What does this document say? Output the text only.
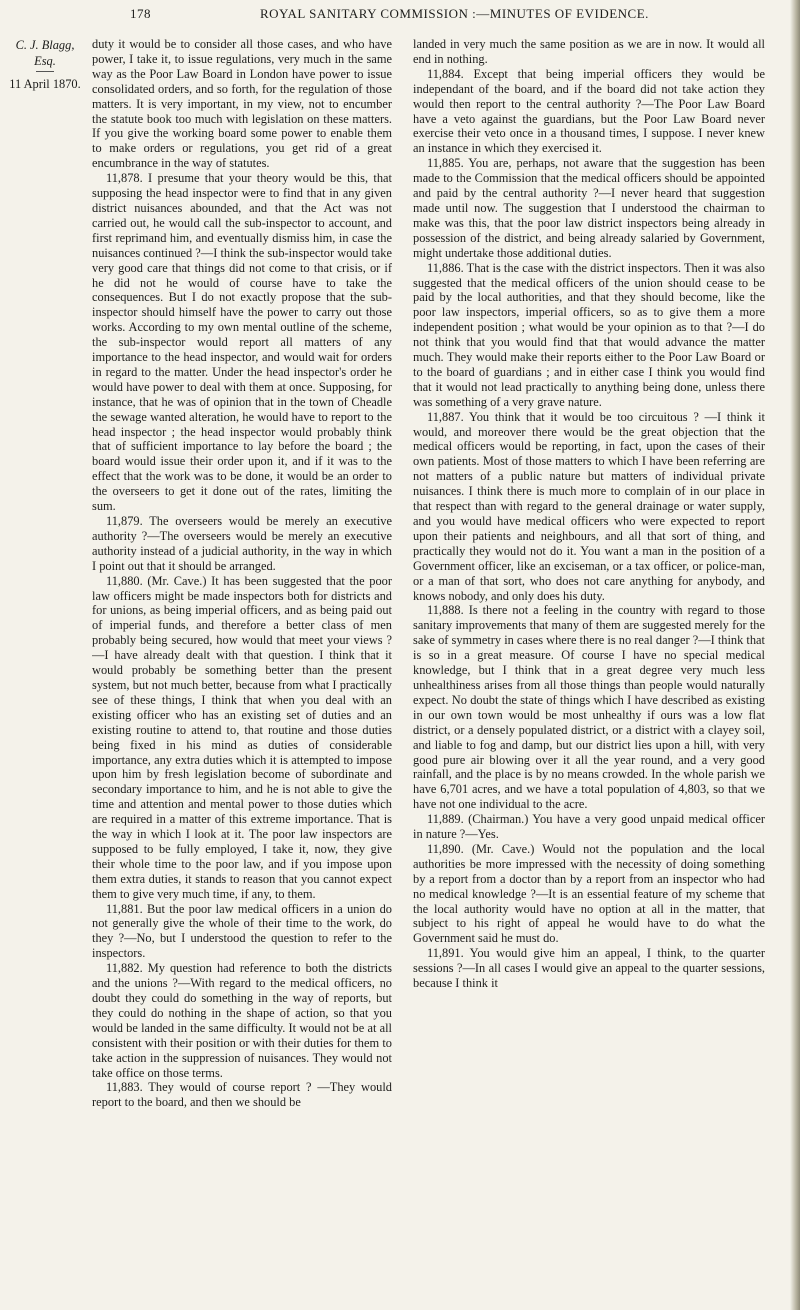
178	ROYAL SANITARY COMMISSION :—MINUTES OF EVIDENCE.
C. J. Blagg,
Esq.
11 April 1870.

duty it would be to consider all those cases, and who have power, I take it, to issue regulations, very much in the same way as the Poor Law Board in London have power to issue consolidated orders, and so forth, for the regulation of those matters. It is very important, in my view, not to encumber the statute book too much with legislation on these matters. If you give the working board some power to enable them to make orders or regulations, you get rid of a great encumbrance in the way of statutes.

11,878. I presume that your theory would be this, that supposing the head inspector were to find that in any given district nuisances abounded, and that the Act was not carried out, he would call the sub-inspector to account, and first reprimand him, and eventually dismiss him, in case the nuisances continued ?—I think the sub-inspector would take very good care that things did not come to that crisis, or if he did not he would of course have to take the consequences. But I do not exactly propose that the sub-inspector should himself have the power to carry out those works. According to my own mental outline of the scheme, the sub-inspector would report all matters of any importance to the head inspector, and would wait for orders in regard to the matter. Under the head inspector's order he would have power to deal with them at once. Supposing, for instance, that he was of opinion that in the town of Cheadle the sewage wanted alteration, he would have to report to the head inspector ; the head inspector would probably think that of sufficient importance to lay before the board ; the board would issue their order upon it, and if it was to the effect that the work was to be done, it would be an order to the overseers to get it done out of the rates, limiting the sum.

11,879. The overseers would be merely an executive authority ?—The overseers would be merely an executive authority instead of a judicial authority, in the way in which I point out that it should be arranged.

11,880. (Mr. Cave.) It has been suggested that the poor law officers might be made inspectors both for districts and for unions, as being imperial officers, and as being paid out of imperial funds, and therefore a better class of men probably being secured, how would that meet your views ?—I have already dealt with that question. I think that it would probably be something better than the present system, but not much better, because from what I practically see of these things, I think that when you deal with an existing officer who has an existing set of duties and an existing routine to attend to, that routine and those duties being fixed in his mind as duties of considerable importance, any extra duties which it is attempted to impose upon him by fresh legislation become of subordinate and secondary importance to him, and he is not able to give the time and attention and mental power to those duties which are required in a matter of this extreme importance. That is the way in which I look at it. The poor law inspectors are supposed to be fully employed, I take it, now, they give their whole time to the poor law, and if you impose upon them extra duties, it stands to reason that you cannot expect them to give very much time, if any, to them.

11,881. But the poor law medical officers in a union do not generally give the whole of their time to the work, do they ?—No, but I understood the question to refer to the inspectors.

11,882. My question had reference to both the districts and the unions ?—With regard to the medical officers, no doubt they could do something in the way of reports, but they could do nothing in the shape of action, so that you would be landed in the same difficulty. It would not be at all consistent with their position or with their duties for them to take action in the suppression of nuisances. They would not take office on those terms.

11,883. They would of course report ? —They would report to the board, and then we should be

landed in very much the same position as we are in now. It would all end in nothing.

11,884. Except that being imperial officers they would be independant of the board, and if the board did not take action they would then report to the central authority ?—The Poor Law Board have a veto against the guardians, but the Poor Law Board never exercise their veto once in a thousand times, I suppose. I never knew an instance in which they exercised it.

11,885. You are, perhaps, not aware that the suggestion has been made to the Commission that the medical officers should be appointed and paid by the central authority ?—I never heard that suggestion made until now. The suggestion that I understood the chairman to make was this, that the poor law district inspectors being already in possession of the district, and being already salaried by Government, might undertake those additional duties.

11,886. That is the case with the district inspectors. Then it was also suggested that the medical officers of the union should cease to be paid by the local authorities, and that they should become, like the poor law inspectors, imperial officers, so as to give them a more independent position ; what would be your opinion as to that ?—I do not think that you would find that that would advance the matter much. They would make their reports either to the Poor Law Board or to the board of guardians ; and in either case I think you would find that it would not lead practically to anything being done, unless there was something of a very grave nature.

11,887. You think that it would be too circuitous ? —I think it would, and moreover there would be the great objection that the medical officers would be reporting, in fact, upon the cases of their own patients. Most of those matters to which I have been referring are not matters of a public nature but matters of individual private nuisances. I think there is much more to complain of in our place in that respect than with regard to the general drainage or water supply, and you would have medical officers who were expected to report upon their patients and neighbours, and all that sort of thing, and practically they would not do it. You want a man in the position of a Government officer, like an exciseman, or a tax officer, or police-man, or a man of that sort, who does not care anything for anybody, and knows nobody, and only does his duty.

11,888. Is there not a feeling in the country with regard to those sanitary improvements that many of them are suggested merely for the sake of symmetry in cases where there is no real danger ?—I think that is so in a great measure. Of course I have no special medical knowledge, but I think that in a great degree very much less unhealthiness arises from all those things than people would naturally expect. No doubt the state of things which I have described as existing in our own town would be most unhealthy if ours was a low flat district, or a densely populated district, or a district with a clayey soil, and liable to fog and damp, but our district lies upon a hill, with very good pure air blowing over it all the year round, and a very good rainfall, and the place is by no means crowded. In the whole parish we have 6,701 acres, and we have a total population of 4,803, so that we have not one individual to the acre.

11,889. (Chairman.) You have a very good unpaid medical officer in nature ?—Yes.

11,890. (Mr. Cave.) Would not the population and the local authorities be more impressed with the necessity of doing something by a report from a doctor than by a report from an inspector who had no medical knowledge ?—It is an essential feature of my scheme that the local authority would have no option at all in the matter, that subject to his right of appeal he would have to do what the Government said he must do.

11,891. You would give him an appeal, I think, to the quarter sessions ?—In all cases I would give an appeal to the quarter sessions, because I think it
